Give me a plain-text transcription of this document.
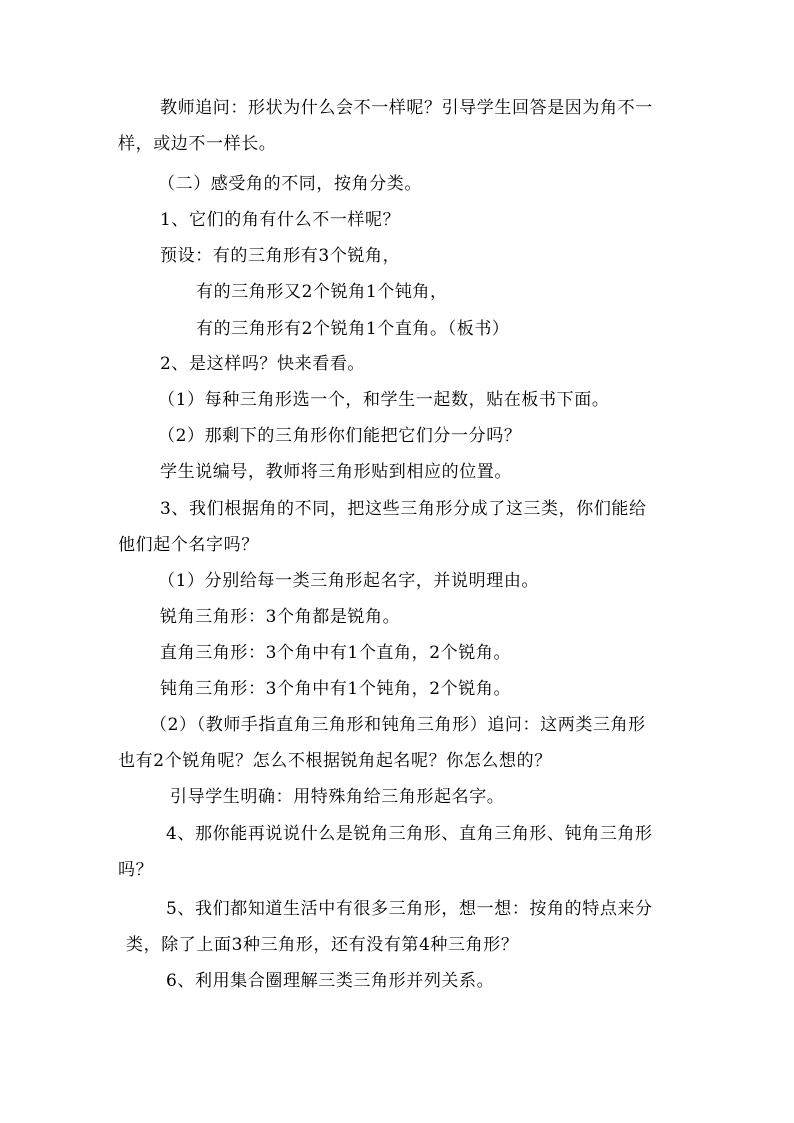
教师追问：形状为什么会不一样呢？引导学生回答是因为角不一
样，或边不一样长。
（二）感受角的不同，按角分类。
1、它们的角有什么不一样呢？
预设：有的三角形有3个锐角，
有的三角形又2个锐角1个钝角，
有的三角形有2个锐角1个直角。（板书）
2、是这样吗？快来看看。
（1）每种三角形选一个，和学生一起数，贴在板书下面。
（2）那剩下的三角形你们能把它们分一分吗？
学生说编号，教师将三角形贴到相应的位置。
3、我们根据角的不同，把这些三角形分成了这三类，你们能给
他们起个名字吗？
（1）分别给每一类三角形起名字，并说明理由。
锐角三角形：3个角都是锐角。
直角三角形：3个角中有1个直角，2个锐角。
钝角三角形：3个角中有1个钝角，2个锐角。
（2）（教师手指直角三角形和钝角三角形）追问：这两类三角形
也有2个锐角呢？怎么不根据锐角起名呢？你怎么想的？
引导学生明确：用特殊角给三角形起名字。
4、那你能再说说什么是锐角三角形、直角三角形、钝角三角形
吗？
5、我们都知道生活中有很多三角形，想一想：按角的特点来分
类，除了上面3种三角形，还有没有第4种三角形？
6、利用集合圈理解三类三角形并列关系。
